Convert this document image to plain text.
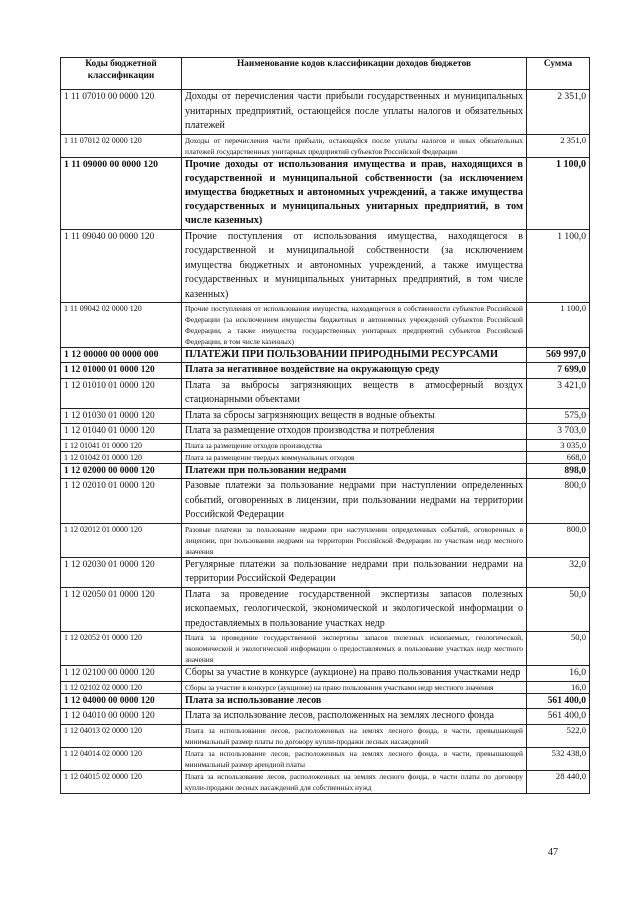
Коды бюджетной классификации	Наименование кодов классификации доходов бюджетов	Сумма
1 11 07010 00 0000 120	Доходы от перечисления части прибыли государственных и муниципальных унитарных предприятий, остающейся после уплаты налогов и обязательных платежей	2 351,0
1 11 07012 02 0000 120	Доходы от перечисления части прибыли, остающейся после уплаты налогов и иных обязательных платежей государственных унитарных предприятий субъектов Российской Федерации	2 351,0
1 11 09000 00 0000 120	Прочие доходы от использования имущества и прав, находящихся в государственной и муниципальной собственности (за исключением имущества бюджетных и автономных учреждений, а также имущества государственных и муниципальных унитарных предприятий, в том числе казенных)	1 100,0
1 11 09040 00 0000 120	Прочие поступления от использования имущества, находящегося в государственной и муниципальной собственности (за исключением имущества бюджетных и автономных учреждений, а также имущества государственных и муниципальных унитарных предприятий, в том числе казенных)	1 100,0
1 11 09042 02 0000 120	Прочие поступления от использования имущества, находящегося в собственности субъектов Российской Федерации (за исключением имущества бюджетных и автономных учреждений субъектов Российской Федерации, а также имущества государственных унитарных предприятий субъектов Российской Федерации, в том числе казенных)	1 100,0
1 12 00000 00 0000 000	ПЛАТЕЖИ ПРИ ПОЛЬЗОВАНИИ ПРИРОДНЫМИ РЕСУРСАМИ	569 997,0
1 12 01000 01 0000 120	Плата за негативное воздействие на окружающую среду	7 699,0
1 12 01010 01 0000 120	Плата за выбросы загрязняющих веществ в атмосферный воздух стационарными объектами	3 421,0
1 12 01030 01 0000 120	Плата за сбросы загрязняющих веществ в водные объекты	575,0
1 12 01040 01 0000 120	Плата за размещение отходов производства и потребления	3 703,0
1 12 01041 01 0000 120	Плата за размещение отходов производства	3 035,0
1 12 01042 01 0000 120	Плата за размещение твердых коммунальных отходов	668,0
1 12 02000 00 0000 120	Платежи при пользовании недрами	898,0
1 12 02010 01 0000 120	Разовые платежи за пользование недрами при наступлении определенных событий, оговоренных в лицензии, при пользовании недрами на территории Российской Федерации	800,0
1 12 02012 01 0000 120	Разовые платежи за пользование недрами при наступлении определенных событий, оговоренных в лицензии, при пользовании недрами на территории Российской Федерации по участкам недр местного значения	800,0
1 12 02030 01 0000 120	Регулярные платежи за пользование недрами при пользовании недрами на территории Российской Федерации	32,0
1 12 02050 01 0000 120	Плата за проведение государственной экспертизы запасов полезных ископаемых, геологической, экономической и экологической информации о предоставляемых в пользование участках недр	50,0
1 12 02052 01 0000 120	Плата за проведение государственной экспертизы запасов полезных ископаемых, геологической, экономической и экологической информации о предоставляемых в пользование участках недр местного значения	50,0
1 12 02100 00 0000 120	Сборы за участие в конкурсе (аукционе) на право пользования участками недр	16,0
1 12 02102 02 0000 120	Сборы за участие в конкурсе (аукционе) на право пользования участками недр местного значения	16,0
1 12 04000 00 0000 120	Плата за использование лесов	561 400,0
1 12 04010 00 0000 120	Плата за использование лесов, расположенных на землях лесного фонда	561 400,0
1 12 04013 02 0000 120	Плата за использование лесов, расположенных на землях лесного фонда, в части, превышающей минимальный размер платы по договору купли-продажи лесных насаждений	522,0
1 12 04014 02 0000 120	Плата за использование лесов, расположенных на землях лесного фонда, в части, превышающей минимальный размер арендной платы	532 438,0
1 12 04015 02 0000 120	Плата за использование лесов, расположенных на землях лесного фонда, в части платы по договору купли-продажи лесных насаждений для собственных нужд	28 440,0
47
